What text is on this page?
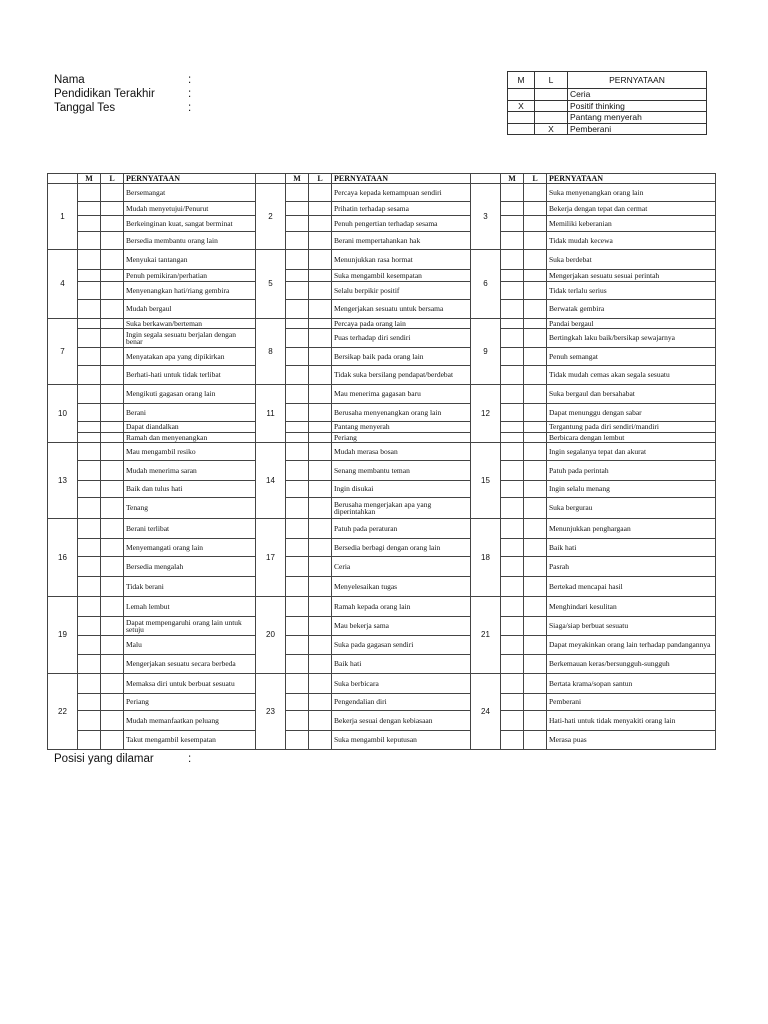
Nama	:
Pendidikan Terakhir	:
Tanggal Tes	:
M	L	PERNYATAAN
		Ceria
X		Positif thinking
		Pantang menyerah
	X	Pemberani
	M	L	PERNYATAAN		M	L	PERNYATAAN		M	L	PERNYATAAN
1			Bersemangat	2			Percaya kepada kemampuan sendiri	3			Suka menyenangkan orang lain
			Mudah menyetujui/Penurut				Prihatin terhadap sesama				Bekerja dengan tepat dan cermat
			Berkeinginan kuat, sangat berminat				Penuh pengertian terhadap sesama				Memiliki keberanian
			Bersedia membantu orang lain				Berani mempertahankan hak				Tidak mudah kecewa
4			Menyukai tantangan	5			Menunjukkan rasa hormat	6			Suka berdebat
			Penuh pemikiran/perhatian				Suka mengambil kesempatan				Mengerjakan sesuatu sesuai perintah
			Menyenangkan hati/riang gembira				Selalu berpikir positif				Tidak terlalu serius
			Mudah bergaul				Mengerjakan sesuatu untuk bersama				Berwatak gembira
7			Suka berkawan/berteman	8			Percaya pada orang lain	9			Pandai bergaul
			Ingin segala sesuatu berjalan dengan benar				Puas terhadap diri sendiri				Bertingkah laku baik/bersikap sewajarnya
			Menyatakan apa yang dipikirkan				Bersikap baik pada orang lain				Penuh semangat
			Berhati-hati untuk tidak terlibat				Tidak suka bersilang pendapat/berdebat				Tidak mudah cemas akan segala sesuatu
10			Mengikuti gagasan orang lain	11			Mau menerima gagasan baru	12			Suka bergaul dan bersahabat
			Berani				Berusaha menyenangkan orang lain				Dapat menunggu dengan sabar
			Dapat diandalkan				Pantang menyerah				Tergantung pada diri sendiri/mandiri
			Ramah dan menyenangkan				Periang				Berbicara dengan lembut
13			Mau mengambil resiko	14			Mudah merasa bosan	15			Ingin segalanya tepat dan akurat
			Mudah menerima saran				Senang membantu teman				Patuh pada perintah
			Baik dan tulus hati				Ingin disukai				Ingin selalu menang
			Tenang				Berusaha mengerjakan apa yang diperintahkan				Suka bergurau
16			Berani terlibat	17			Patuh pada peraturan	18			Menunjukkan penghargaan
			Menyemangati orang lain				Bersedia berbagi dengan orang lain				Baik hati
			Bersedia mengalah				Ceria				Pasrah
			Tidak berani				Menyelesaikan tugas				Bertekad mencapai hasil
19			Lemah lembut	20			Ramah kepada orang lain	21			Menghindari kesulitan
			Dapat mempengaruhi orang lain untuk setuju				Mau bekerja sama				Siaga/siap berbuat sesuatu
			Malu				Suka pada gagasan sendiri				Dapat meyakinkan orang lain terhadap pandangannya
			Mengerjakan sesuatu secara berbeda				Baik hati				Berkemauan keras/bersungguh-sungguh
22			Memaksa diri untuk berbuat sesuatu	23			Suka berbicara	24			Bertata krama/sopan santun
			Periang				Pengendalian diri				Pemberani
			Mudah memanfaatkan peluang				Bekerja sesuai dengan kebiasaan				Hati-hati untuk tidak menyakiti orang lain
			Takut mengambil kesempatan				Suka mengambil keputusan				Merasa puas
Posisi yang dilamar	:
